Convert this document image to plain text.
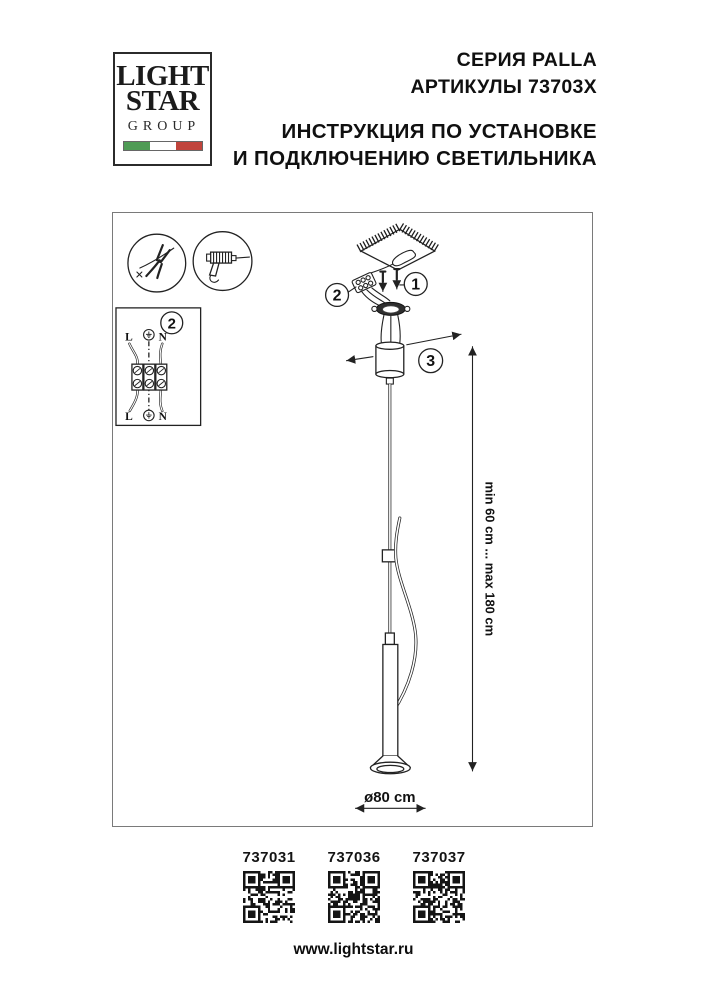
LIGHT
STAR
GROUP
СЕРИЯ PALLA
АРТИКУЛЫ 73703X
ИНСТРУКЦИЯ ПО УСТАНОВКЕ
И ПОДКЛЮЧЕНИЮ СВЕТИЛЬНИКА
2
L N
L N
2
1
3
min 60 cm ... max 180 cm
ø80 cm
737031 737036 737037
www.lightstar.ru
